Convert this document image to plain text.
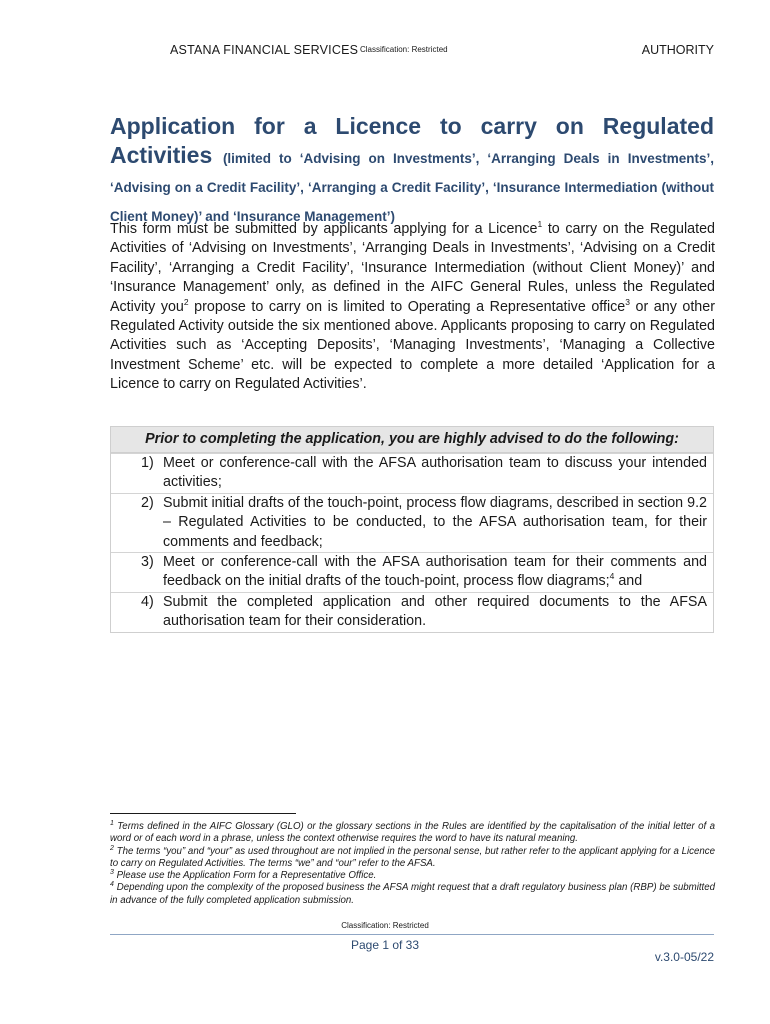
ASTANA FINANCIAL SERVICES Classification: Restricted	AUTHORITY
Application for a Licence to carry on Regulated Activities (limited to ‘Advising on Investments’, ‘Arranging Deals in Investments’, ‘Advising on a Credit Facility’, ‘Arranging a Credit Facility’, ‘Insurance Intermediation (without Client Money)’ and ‘Insurance Management’)

This form must be submitted by applicants applying for a Licence$^1$ to carry on the Regulated Activities of ‘Advising on Investments’, ‘Arranging Deals in Investments’, ‘Advising on a Credit Facility’, ‘Arranging a Credit Facility’, ‘Insurance Intermediation (without Client Money)’ and ‘Insurance Management’ only, as defined in the AIFC General Rules, unless the Regulated Activity you$^2$ propose to carry on is limited to Operating a Representative office$^3$ or any other Regulated Activity outside the six mentioned above. Applicants proposing to carry on Regulated Activities such as ‘Accepting Deposits’, ‘Managing Investments’, ‘Managing a Collective Investment Scheme’ etc. will be expected to complete a more detailed ‘Application for a Licence to carry on Regulated Activities’.

Prior to completing the application, you are highly advised to do the following:
1) Meet or conference-call with the AFSA authorisation team to discuss your intended activities;
2) Submit initial drafts of the touch-point, process flow diagrams, described in section 9.2 – Regulated Activities to be conducted, to the AFSA authorisation team, for their comments and feedback;
3) Meet or conference-call with the AFSA authorisation team for their comments and feedback on the initial drafts of the touch-point, process flow diagrams;$^4$ and
4) Submit the completed application and other required documents to the AFSA authorisation team for their consideration.

$^1$ Terms defined in the AIFC Glossary (GLO) or the glossary sections in the Rules are identified by the capitalisation of the initial letter of a word or of each word in a phrase, unless the context otherwise requires the word to have its natural meaning.

$^2$ The terms “you” and “your” as used throughout are not implied in the personal sense, but rather refer to the applicant applying for a Licence to carry on Regulated Activities. The terms “we” and “our” refer to the AFSA.

$^3$ Please use the Application Form for a Representative Office.

$^4$ Depending upon the complexity of the proposed business the AFSA might request that a draft regulatory business plan (RBP) be submitted in advance of the fully completed application submission.

Classification: Restricted
Page 1 of 33
v.3.0-05/22
